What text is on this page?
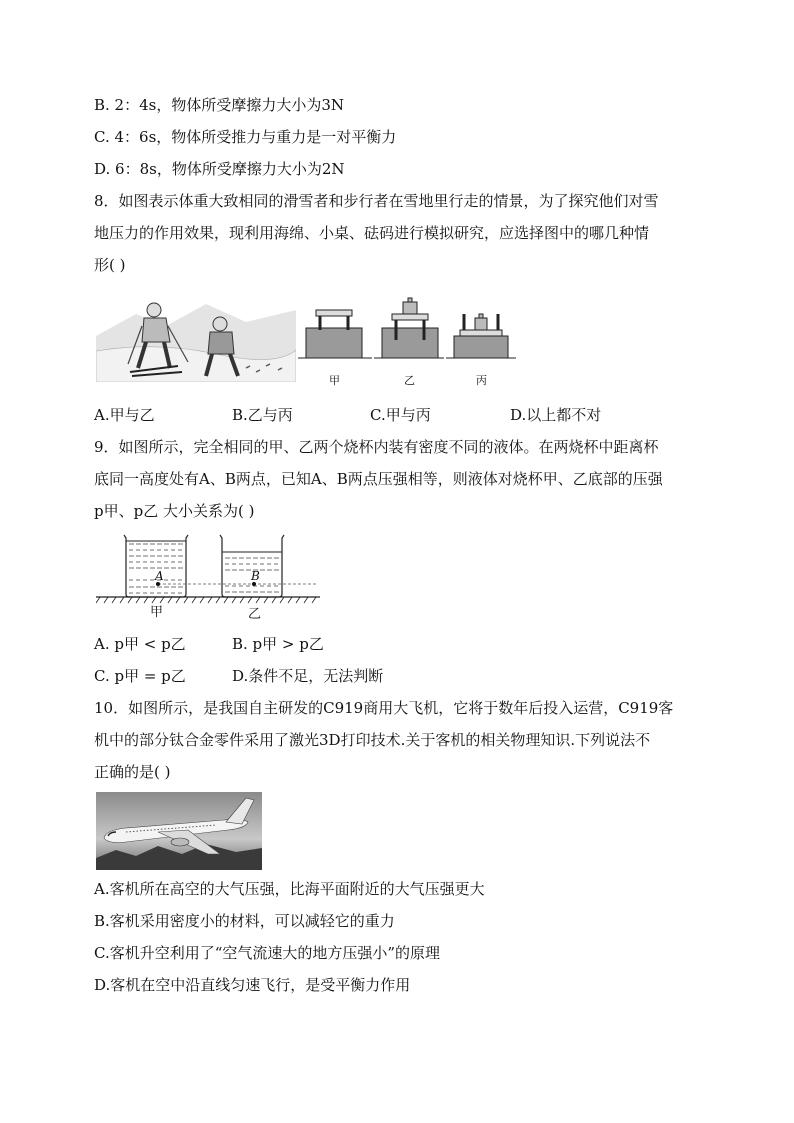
B. 2：4s，物体所受摩擦力大小为3N
C. 4：6s，物体所受推力与重力是一对平衡力
D. 6：8s，物体所受摩擦力大小为2N
8．如图表示体重大致相同的滑雪者和步行者在雪地里行走的情景，为了探究他们对雪
地压力的作用效果，现利用海绵、小桌、砝码进行模拟研究，应选择图中的哪几种情
形( )
甲	乙	丙
A.甲与乙	B.乙与丙	C.甲与丙	D.以上都不对
9．如图所示，完全相同的甲、乙两个烧杯内装有密度不同的液体。在两烧杯中距离杯
底同一高度处有A、B两点，已知A、B两点压强相等，则液体对烧杯甲、乙底部的压强
p甲、p乙 大小关系为( )
A	B
甲	乙
A. p甲 < p乙	B. p甲 > p乙
C. p甲 = p乙	D.条件不足，无法判断
10．如图所示，是我国自主研发的C919商用大飞机，它将于数年后投入运营，C919客
机中的部分钛合金零件采用了激光3D打印技术.关于客机的相关物理知识.下列说法不
正确的是( )
A.客机所在高空的大气压强，比海平面附近的大气压强更大
B.客机采用密度小的材料，可以减轻它的重力
C.客机升空利用了“空气流速大的地方压强小”的原理
D.客机在空中沿直线匀速飞行，是受平衡力作用
